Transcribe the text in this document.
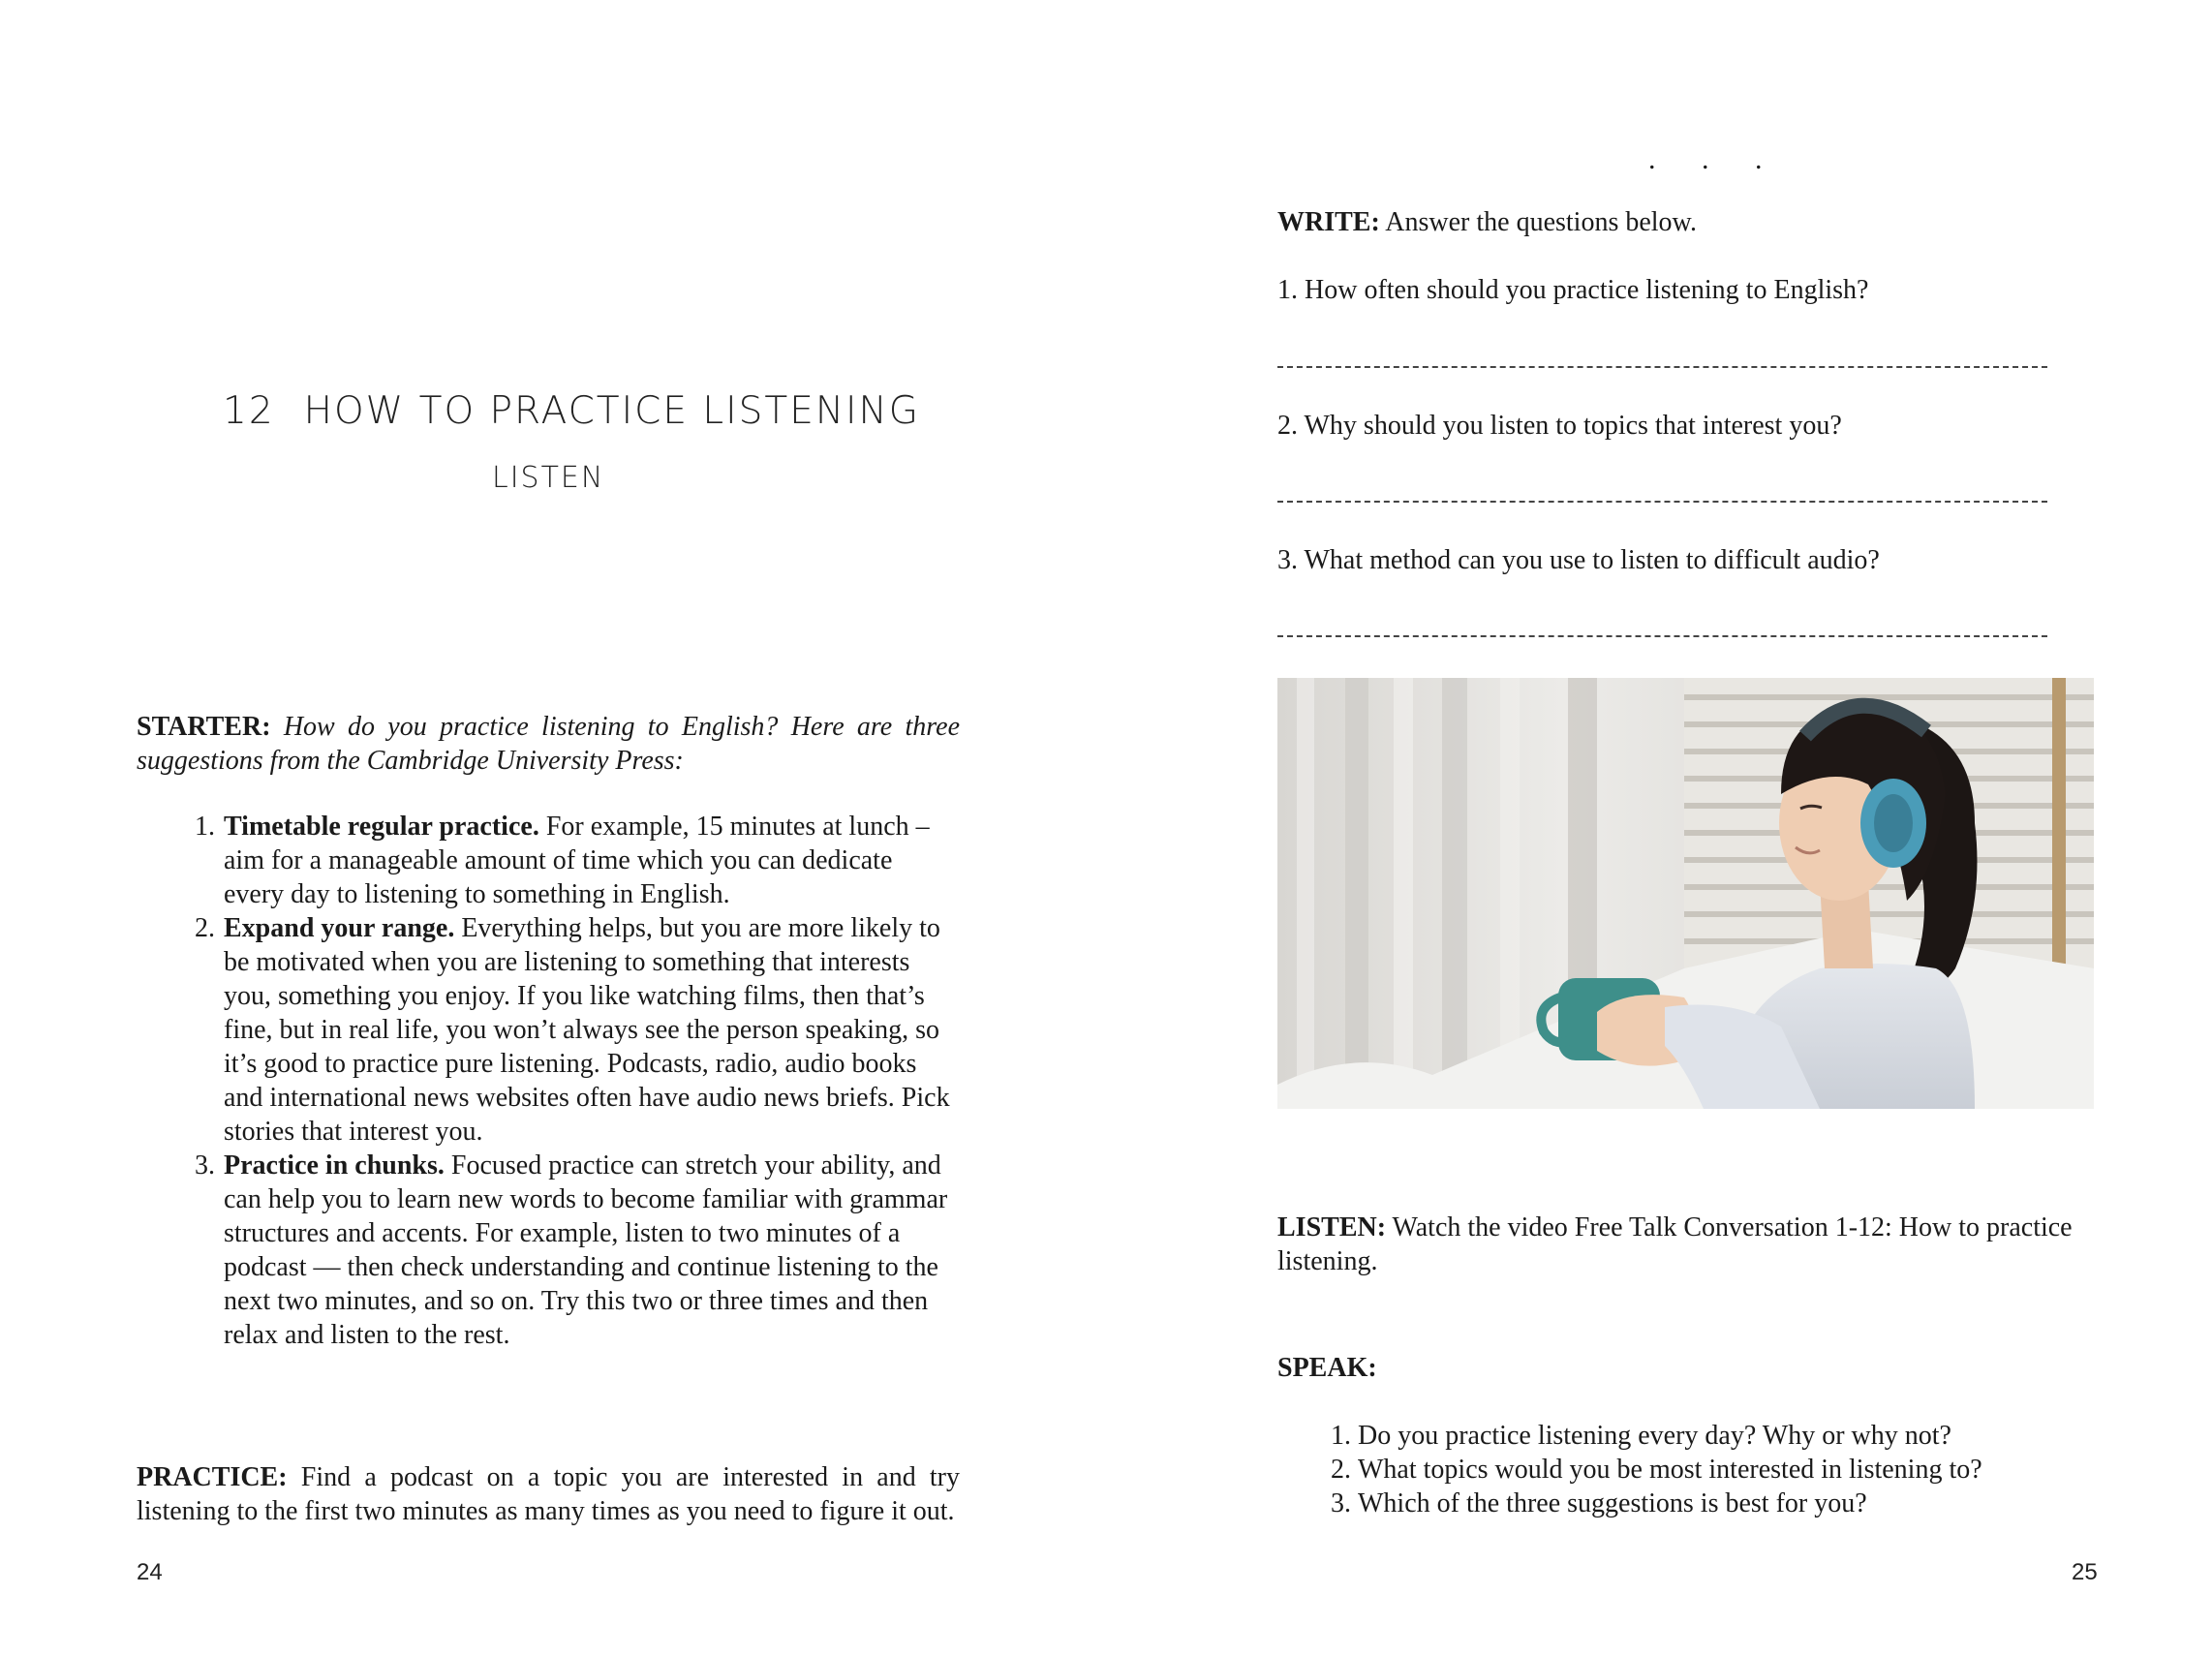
12 HOW TO PRACTICE LISTENING
LISTEN
STARTER: How do you practice listening to English? Here are three
suggestions from the Cambridge University Press:
1. Timetable regular practice. For example, 15 minutes at lunch – aim for a manageable amount of time which you can dedicate every day to listening to something in English.
2. Expand your range. Everything helps, but you are more likely to be motivated when you are listening to something that interests you, something you enjoy. If you like watching films, then that’s fine, but in real life, you won’t always see the person speaking, so it’s good to practice pure listening. Podcasts, radio, audio books and international news websites often have audio news briefs. Pick stories that interest you.
3. Practice in chunks. Focused practice can stretch your ability, and can help you to learn new words to become familiar with grammar structures and accents. For example, listen to two minutes of a podcast — then check understanding and continue listening to the next two minutes, and so on. Try this two or three times and then relax and listen to the rest.
PRACTICE: Find a podcast on a topic you are interested in and try
listening to the first two minutes as many times as you need to figure it out.
24
. . .
WRITE: Answer the questions below.
1. How often should you practice listening to English?
2. Why should you listen to topics that interest you?
3. What method can you use to listen to difficult audio?
LISTEN: Watch the video Free Talk Conversation 1-12: How to practice listening.
SPEAK:
1. Do you practice listening every day? Why or why not?
2. What topics would you be most interested in listening to?
3. Which of the three suggestions is best for you?
25
